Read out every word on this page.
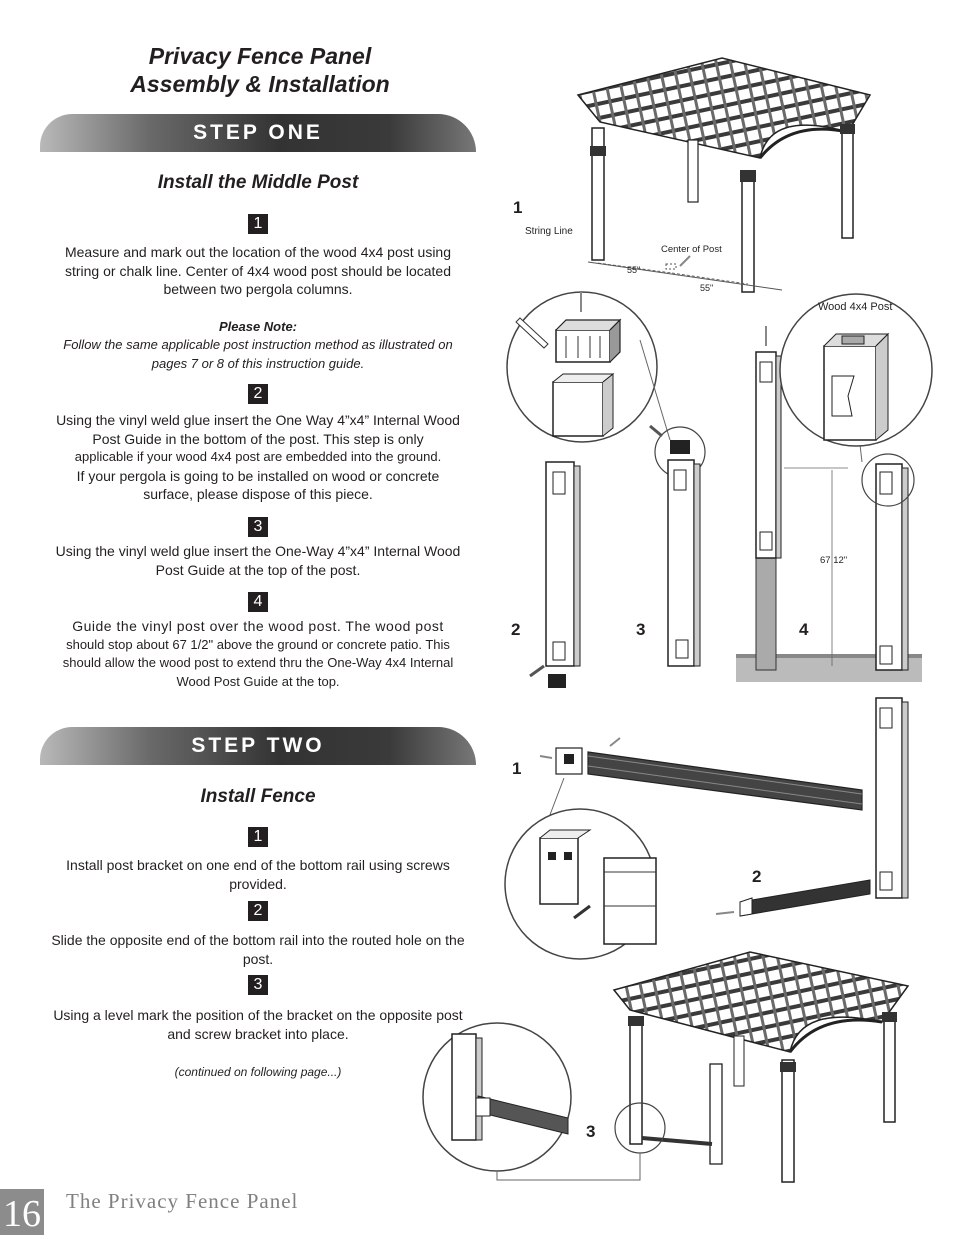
Privacy Fence Panel
Assembly & Installation
STEP ONE
Install the Middle Post
1
Measure and mark out the location of the wood 4x4 post using string or chalk line. Center of 4x4 wood post should be located between two pergola columns.
Please Note:
Follow the same applicable post instruction method as illustrated on pages 7 or 8 of this instruction guide.
2
Using the vinyl weld glue insert the One Way 4”x4” Internal Wood Post Guide in the bottom of the post. This step is only
applicable if your wood 4x4 post are embedded into the ground.
If your pergola is going to be installed on wood or concrete surface, please dispose of this piece.
3
Using the vinyl weld glue insert the One-Way 4”x4” Internal Wood Post Guide at the top of the post.
4
Guide the vinyl post over the wood post. The wood post
should stop about 67 1/2" above the ground or concrete patio. This should allow the wood post to extend thru the One-Way 4x4 Internal Wood Post Guide at the top.
STEP TWO
Install Fence
1
Install post bracket on one end of the bottom rail using screws provided.
2
Slide the opposite end of the bottom rail into the routed hole on the post.
3
Using a level mark the position of the bracket on the opposite post and screw bracket into place.
(continued on following page...)
1
String Line
Center of Post
55"
55"
Wood 4x4 Post
67 12"
2	3	4
1
2
3
16 The Privacy Fence Panel
